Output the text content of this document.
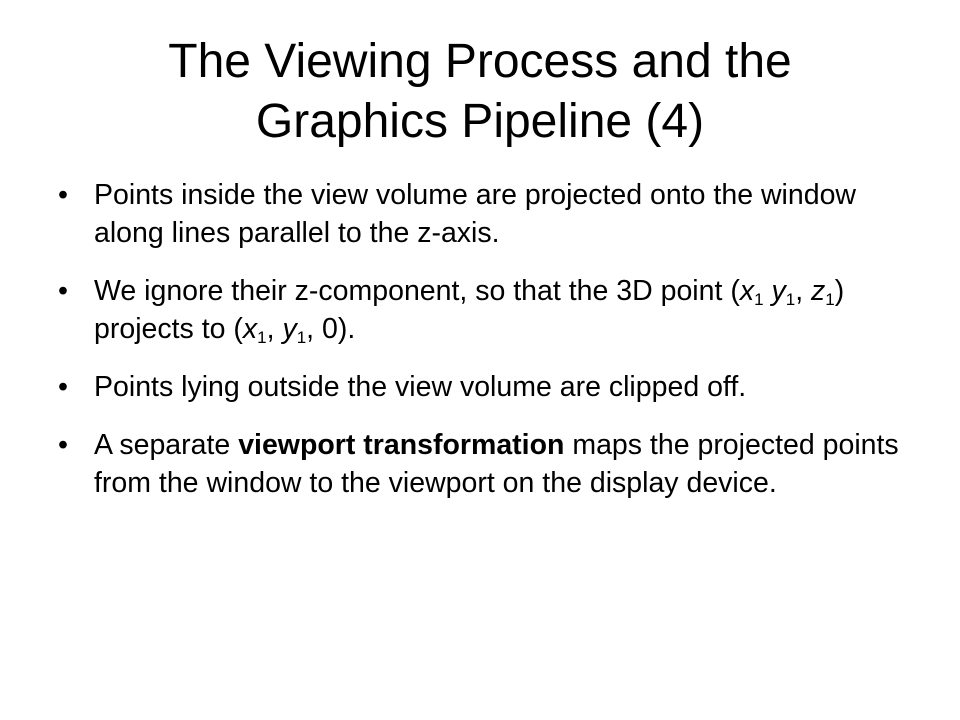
The Viewing Process and the
Graphics Pipeline (4)
• Points inside the view volume are projected onto the window along lines parallel to the z-axis.
• We ignore their z-component, so that the 3D point ($x_1$ $y_1$, $z_1$) projects to ($x_1$, $y_1$, 0).
• Points lying outside the view volume are clipped off.
• A separate viewport transformation maps the projected points from the window to the viewport on the display device.
